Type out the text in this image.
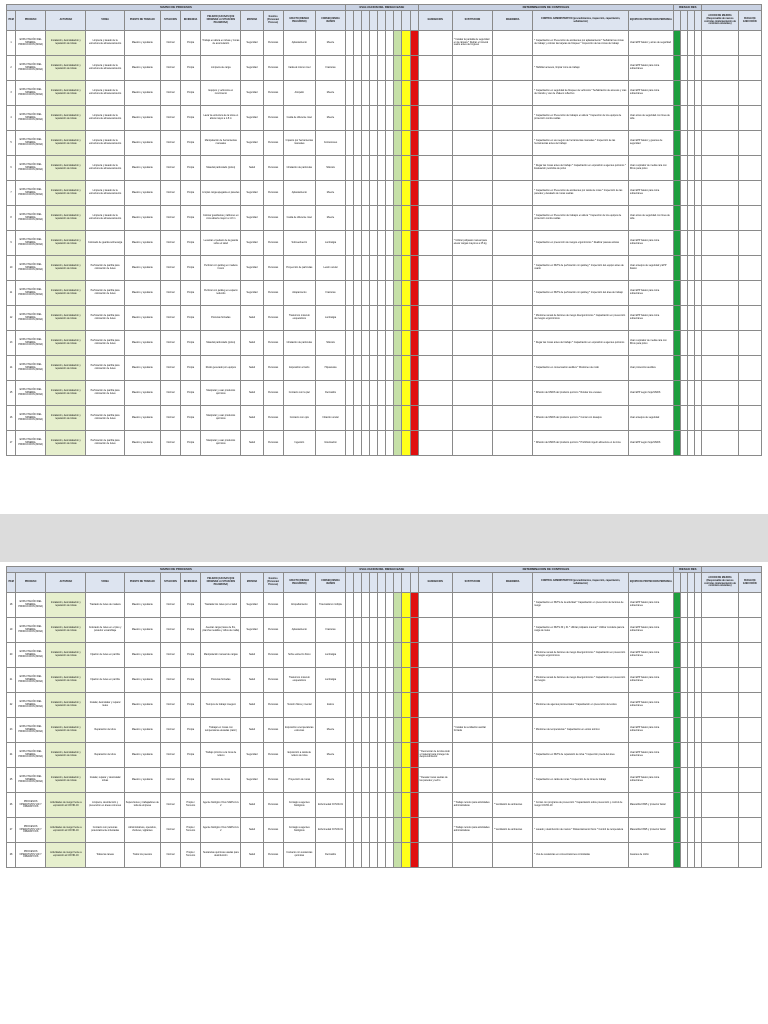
MAPEO DE PROCESOS												EVALUACION DEL RIESGO BASE									DETERMINACION DE CONTROLES					RIESGO RES					
ITEM	PROCESO	ACTIVIDAD	TAREA	PUESTO DE TRABAJO	SITUACION	INCIDENCIA	PELIGRO (CAUSAS QUE ORIGINAN LA SITUACION PELIGROSA)	MATERIA	Eventos (Personas/ Proceso)	EFECTO (RIESGO PELIGROSO)	CONSECUENCIA /DAÑOS										ELIMINACION	SUSTITUCION	INGENIERIA	CONTROL ADMINISTRATIVO (procedimientos, inspección, capacitación, señalización)	EQUIPO DE PROTECCION PERSONAL					ACCION DE MEJORA (Responsable de nuevos controles implementación de controles existentes)	FECHA DE EJECUCIÓN
1	EXPLOTACIÓN DEL MINERAL PRODUCCIÓN (MINA)	Instalación, desinstalación y reparación de tolvas	Limpieza y lavado de la estructura de almacenamiento	Maestro y ayudante	Normal	Propia	Trabajo en altura en tolvas y zonas de acumulación	Seguridad	Personas	Aplastamiento	Muerte											* Instalar la pantalla de seguridad en la cámara * Retirar el mineral suelto antes del ingreso		* Capacitación en Prevención de accidentes por aplastamiento * Señalizar las zonas de trabajo y colocar las tarjetas de bloqueo * Inspección de las zonas de trabajo	Usar EPP básico y arnés de seguridad						
2	EXPLOTACIÓN DEL MINERAL PRODUCCIÓN (MINA)	Instalación, desinstalación y reparación de tolvas	Limpieza y lavado de la estructura de almacenamiento	Maestro y ayudante	Normal	Propia	Limpieza de carga	Seguridad	Personas	Caída al mismo nivel	Fracturas													* Habilitar accesos, limpiar zona de trabajo	Usar EPP básico para mina subterránea						
3	EXPLOTACIÓN DEL MINERAL PRODUCCIÓN (MINA)	Instalación, desinstalación y reparación de tolvas	Limpieza y lavado de la estructura de almacenamiento	Maestro y ayudante	Normal	Propia	Equipos y vehículos en movimiento	Seguridad	Personas	Atropello	Muerte													* Capacitación en seguridad de bloqueo de vehículos * Señalización de accesos y vías de tránsito y uso de chaleco reflectivo	Usar EPP básico para mina subterránea						
4	EXPLOTACIÓN DEL MINERAL PRODUCCIÓN (MINA)	Instalación, desinstalación y reparación de tolvas	Limpieza y lavado de la estructura de almacenamiento	Maestro y ayudante	Normal	Propia	Lavar la estructura de la tolva en altura mayor a 1.8 m	Seguridad	Personas	Caída de diferente nivel	Muerte													* Capacitación en Prevención de trabajos en altura * Inspección de los equipos de protección contra caídas	Usar arnés de seguridad con línea de vida						
5	EXPLOTACIÓN DEL MINERAL PRODUCCIÓN (MINA)	Instalación, desinstalación y reparación de tolvas	Limpieza y lavado de la estructura de almacenamiento	Maestro y ayudante	Normal	Propia	Manipulación de herramientas manuales	Seguridad	Personas	Impacto por herramientas manuales	Contusiones													* Capacitación en uso seguro de herramientas manuales * Inspección de las herramientas antes del trabajo	Usar EPP básico y guantes de seguridad						
6	EXPLOTACIÓN DEL MINERAL PRODUCCIÓN (MINA)	Instalación, desinstalación y reparación de tolvas	Limpieza y lavado de la estructura de almacenamiento	Maestro y ayudante	Normal	Propia	Material particulado (polvo)	Salud	Personas	Inhalación de partículas	Silicosis													* Regar las zonas antes del trabajo * Capacitación en exposición a agentes químicos * Evaluación periódica de polvo	Usar respirador de media cara con filtros para polvo						
7	EXPLOTACIÓN DEL MINERAL PRODUCCIÓN (MINA)	Instalación, desinstalación y reparación de tolvas	Limpieza y lavado de la estructura de almacenamiento	Maestro y ayudante	Normal	Propia	Limpiar carga apegada en paredes	Seguridad	Personas	Aplastamiento	Muerte													* Capacitación en Prevención de accidentes por caída de rocas * Inspección de las paredes y desatado de rocas sueltas	Usar EPP básico para mina subterránea						
8	EXPLOTACIÓN DEL MINERAL PRODUCCIÓN (MINA)	Instalación, desinstalación y reparación de tolvas	Limpieza y lavado de la estructura de almacenamiento	Maestro y ayudante	Normal	Propia	Colocar guardavías y tablones en zona abierta mayor a 1.8 m	Seguridad	Personas	Caída de diferente nivel	Muerte													* Capacitación en Prevención de trabajos en altura * Inspección de los equipos de protección contra caídas	Usar arnés de seguridad con línea de vida						
9	EXPLOTACIÓN DEL MINERAL PRODUCCIÓN (MINA)	Instalación, desinstalación y reparación de tolvas	Colocado de guarda sobrecarga	Maestro y ayudante	Normal	Propia	Levantar el pedazo de la guarda sobre el talud	Seguridad	Personas	Sobreesfuerzo	Lumbalgia											* Utilizar polipasto manual para elevar cargas mayores a 25 kg		* Capacitación en prevención de riesgos ergonómicos * Realizar pausas activas	Usar EPP básico para mina subterránea						
10	EXPLOTACIÓN DEL MINERAL PRODUCCIÓN (MINA)	Instalación, desinstalación y reparación de tolvas	Perforación de parrilla para colocación de rieles	Maestro y ayudante	Normal	Propia	Perforar con jackleg en madera tronco	Seguridad	Personas	Proyección de partículas	Lesión ocular													* Capacitación en PETS de perforación con jackleg * Inspección del equipo antes de usarlo	Usar anteojos de seguridad y EPP básico						
11	EXPLOTACIÓN DEL MINERAL PRODUCCIÓN (MINA)	Instalación, desinstalación y reparación de tolvas	Perforación de parrilla para colocación de rieles	Maestro y ayudante	Normal	Propia	Perforar con jackleg en espacio reducido	Seguridad	Personas	Atrapamiento	Fracturas													* Capacitación en PETS de perforación con jackleg * Inspección del área de trabajo	Usar EPP básico para mina subterránea						
12	EXPLOTACIÓN DEL MINERAL PRODUCCIÓN (MINA)	Instalación, desinstalación y reparación de tolvas	Perforación de parrilla para colocación de rieles	Maestro y ayudante	Normal	Propia	Posturas forzadas	Salud	Personas	Trastornos músculo esqueléticos	Lumbalgia													* Monitoreo anual de factores de riesgo disergonómicos * Capacitación en prevención de riesgos ergonómicos	Usar EPP básico para mina subterránea						
13	EXPLOTACIÓN DEL MINERAL PRODUCCIÓN (MINA)	Instalación, desinstalación y reparación de tolvas	Perforación de parrilla para colocación de rieles	Maestro y ayudante	Normal	Propia	Material particulado (polvo)	Salud	Personas	Inhalación de partículas	Silicosis													* Regar las zonas antes del trabajo * Capacitación en exposición a agentes químicos	Usar respirador de media cara con filtros para polvo						
14	EXPLOTACIÓN DEL MINERAL PRODUCCIÓN (MINA)	Instalación, desinstalación y reparación de tolvas	Perforación de parrilla para colocación de rieles	Maestro y ayudante	Normal	Propia	Ruido generado por equipos	Salud	Personas	Exposición al ruido	Hipoacusia													* Capacitación en conservación auditiva * Monitoreo de ruido	Usar protección auditiva						
15	EXPLOTACIÓN DEL MINERAL PRODUCCIÓN (MINA)	Instalación, desinstalación y reparación de tolvas	Perforación de parrilla para colocación de rieles	Maestro y ayudante	Normal	Propia	Manipular y usar productos químicos	Salud	Personas	Contacto con la piel	Dermatitis													* Difusión de MSDS del producto químico * Rotular los envases	Usar EPP según hoja MSDS						
16	EXPLOTACIÓN DEL MINERAL PRODUCCIÓN (MINA)	Instalación, desinstalación y reparación de tolvas	Perforación de parrilla para colocación de rieles	Maestro y ayudante	Normal	Propia	Manipular y usar productos químicos	Salud	Personas	Contacto con ojos	Irritación ocular													* Difusión de MSDS del producto químico * Contar con lavaojos	Usar anteojos de seguridad						
17	EXPLOTACIÓN DEL MINERAL PRODUCCIÓN (MINA)	Instalación, desinstalación y reparación de tolvas	Perforación de parrilla para colocación de rieles	Maestro y ayudante	Normal	Propia	Manipular y usar productos químicos	Salud	Personas	Ingestión	Intoxicación													* Difusión de MSDS del producto químico * Prohibido ingerir alimentos en la zona	Usar EPP según hoja MSDS						
MAPEO DE PROCESOS												EVALUACION DEL RIESGO BASE									DETERMINACION DE CONTROLES					RIESGO RES					
ITEM	PROCESO	ACTIVIDAD	TAREA	PUESTO DE TRABAJO	SITUACION	INCIDENCIA	PELIGRO (CAUSAS QUE ORIGINAN LA SITUACION PELIGROSA)	MATERIA	Eventos (Personas/ Proceso)	EFECTO (RIESGO PELIGROSO)	CONSECUENCIA /DAÑOS										ELIMINACION	SUSTITUCION	INGENIERIA	CONTROL ADMINISTRATIVO (procedimientos, inspección, capacitación, señalización)	EQUIPO DE PROTECCION PERSONAL					ACCION DE MEJORA (Responsable de nuevos controles implementación de controles existentes)	FECHA DE EJECUCIÓN
18	EXPLOTACIÓN DEL MINERAL PRODUCCIÓN (MINA)	Instalación, desinstalación y reparación de tolvas	Traslado de rieles de madera	Maestro y ayudante	Normal	Propia	Trasladar los rieles por el talud	Seguridad	Personas	Atropellamiento	Traumatismo múltiple													* Capacitación en PETS de la actividad * Capacitación en prevención de factores de riesgo	Usar EPP básico para mina subterránea						
19	EXPLOTACIÓN DEL MINERAL PRODUCCIÓN (MINA)	Instalación, desinstalación y reparación de tolvas	Colocado de rieles en el piso y posterior ensamblaje	Maestro y ayudante	Normal	Propia	Asentar carga (rieles de 6m, plancha metálica y rollos de malla)	Seguridad	Personas	Aplastamiento	Fracturas													* Capacitación en PETS 30 y 31 * Utilizar polipasto manual * Utilizar mordaza para la carga de rieles	Usar EPP básico para mina subterránea						
20	EXPLOTACIÓN DEL MINERAL PRODUCCIÓN (MINA)	Instalación, desinstalación y reparación de tolvas	Fijación de rieles en parrilla	Maestro y ayudante	Normal	Propia	Manipulación manual de cargas	Salud	Personas	Sobre esfuerzo físico	Lumbalgia													* Monitoreo anual de factores de riesgo disergonómicos * Capacitación en prevención de riesgos ergonómicos	Usar EPP básico para mina subterránea						
21	EXPLOTACIÓN DEL MINERAL PRODUCCIÓN (MINA)	Instalación, desinstalación y reparación de tolvas	Fijación de rieles en parrilla	Maestro y ayudante	Normal	Propia	Posturas forzadas	Salud	Personas	Trastornos músculo esqueléticos	Lumbalgia													* Monitoreo anual de factores de riesgo disergonómicos * Capacitación en prevención de riesgos	Usar EPP básico para mina subterránea						
22	EXPLOTACIÓN DEL MINERAL PRODUCCIÓN (MINA)	Instalación, desinstalación y reparación de tolvas	Instalar, desinstalar y reparar rieles	Maestro y ayudante	Normal	Propia	Tiempos de trabajo inseguro	Salud	Personas	Tensión física y mental	Estrés													* Monitoreo de agentes psicosociales * Capacitación en prevención del estrés	Usar EPP básico para mina subterránea						
23	EXPLOTACIÓN DEL MINERAL PRODUCCIÓN (MINA)	Instalación, desinstalación y reparación de tolvas	Reparación de tolva	Maestro y ayudante	Normal	Propia	Trabajar en zonas con temperaturas elevadas (calor)	Salud	Personas	Exposición a temperaturas extremas	Muerte											* Instalar la ventilación auxiliar forzada		* Monitoreo de temperaturas * Capacitación en estrés térmico	Usar EPP básico para mina subterránea						
24	EXPLOTACIÓN DEL MINERAL PRODUCCIÓN (MINA)	Instalación, desinstalación y reparación de tolvas	Reparación de tolva	Maestro y ayudante	Normal	Propia	Trabajo próximo a la zona de relleno	Seguridad	Personas	Exposición a caída de relleno de tolva	Muerte										* Desmontar de la tolva todo el material para proteger de desprendimiento			* Capacitación en PETS de reparación de tolva * Inspección previa del área	Usar EPP básico para mina subterránea						
25	EXPLOTACIÓN DEL MINERAL PRODUCCIÓN (MINA)	Instalación, desinstalación y reparación de tolvas	Instalar, reparar y desinstalar tolvas	Maestro y ayudante	Normal	Propia	Emisión de rocas	Seguridad	Personas	Proyección de rocas	Muerte										* Desatar rocas sueltas de las paredes y techo			* Capacitación en caída de rocas * Inspección de la zona de trabajo	Usar EPP básico para mina subterránea						
26	PROCESOS OPERATIVOS VID Y OPERATIVOS	Actividades de riesgo frente a exposición al COVID-19	Limpieza, desinfección y prevención en áreas comunes	Supervisores y trabajadores de toda la empresa	Normal	Propia / Terceros	Agente biológico Virus SARS-Cov 2	Salud	Personas	Contagio a agentes biológicos	Enfermedad COVID-19											* Trabajo remoto para actividades administrativas	* Ventilación de ambientes	* Contar con programa de prevención * Capacitación sobre prevención y control de riesgo COVID-19	Mascarilla KN95 y protector facial						
27	PROCESOS OPERATIVOS VID Y OPERATIVOS	Actividades de riesgo frente a exposición al COVID-19	Contacto con personas potencialmente infectadas	Administrativos, operarios, choferes, vigilantes	Normal	Propia / Terceros	Agente biológico Virus SARS-Cov 2	Salud	Personas	Contagio a agentes biológicos	Enfermedad COVID-19											* Trabajo remoto para actividades administrativas	* Ventilación de ambientes	* Lavado y desinfección de manos * Distanciamiento físico * Control de temperatura	Mascarilla KN95 y protector facial						
28	PROCESOS OPERATIVOS VID Y OPERATIVOS	Actividades de riesgo frente a exposición al COVID-19	Todas las tareas	Todos los puestos	Normal	Propia / Terceros	Sustancias químicas usadas para desinfección	Salud	Personas	Contacto con sustancias químicas	Dermatitis													* Uso de sustancias en concentraciones controladas	Guantes de nitrilo						
